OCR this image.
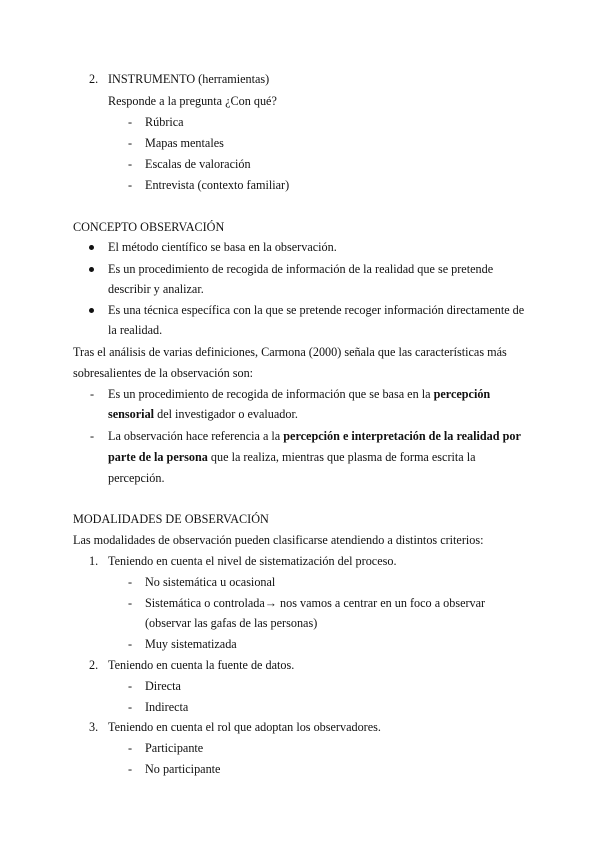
2. INSTRUMENTO (herramientas)
Responde a la pregunta ¿Con qué?
- Rúbrica
- Mapas mentales
- Escalas de valoración
- Entrevista (contexto familiar)
CONCEPTO OBSERVACIÓN
El método científico se basa en la observación.
Es un procedimiento de recogida de información de la realidad que se pretende
describir y analizar.
Es una técnica específica con la que se pretende recoger información directamente de
la realidad.
Tras el análisis de varias definiciones, Carmona (2000) señala que las características más
sobresalientes de la observación son:
- Es un procedimiento de recogida de información que se basa en la percepción
sensorial del investigador o evaluador.
- La observación hace referencia a la percepción e interpretación de la realidad por
parte de la persona que la realiza, mientras que plasma de forma escrita la
percepción.
MODALIDADES DE OBSERVACIÓN
Las modalidades de observación pueden clasificarse atendiendo a distintos criterios:
1. Teniendo en cuenta el nivel de sistematización del proceso.
- No sistemática u ocasional
- Sistemática o controlada→ nos vamos a centrar en un foco a observar
(observar las gafas de las personas)
- Muy sistematizada
2. Teniendo en cuenta la fuente de datos.
- Directa
- Indirecta
3. Teniendo en cuenta el rol que adoptan los observadores.
- Participante
- No participante
